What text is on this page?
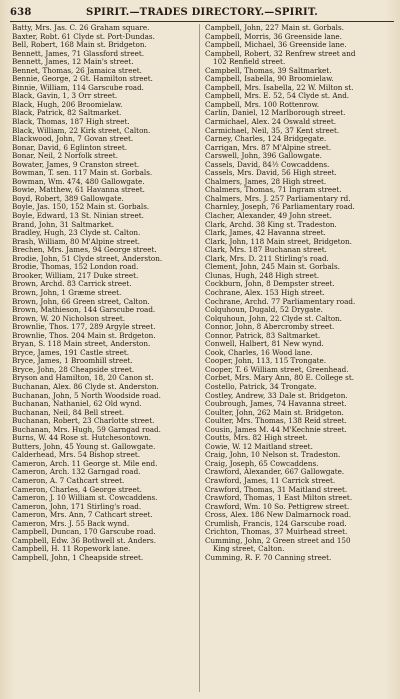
638	SPIRIT.—TRADES DIRECTORY.—SPIRIT.
Batty, Mrs. Jas. C. 26 Graham square.
Baxter, Robt. 61 Clyde st. Port-Dundas.
Bell, Robert, 168 Main st. Bridgeton.
Bennett, James, 71 Glassford street.
Bennett, James, 12 Main's street.
Bennet, Thomas, 26 Jamaica street.
Bennie, George, 2 Gt. Hamilton street.
Binnie, William, 114 Garscube road.
Black, Gavin, 1, 3 Orr street.
Black, Hugh, 206 Broomielaw.
Black, Patrick, 82 Saltmarket.
Black, Thomas, 187 High street.
Black, William, 22 Kirk street, Calton.
Blackwood, John, 7 Govan street.
Bonar, David, 6 Eglinton street.
Bonar, Neil, 2 Norfolk street.
Bowater, James, 9 Cranston street.
Bowman, T. sen. 117 Main st. Gorbals.
Bowman, Wm. 474, 480 Gallowgate.
Bowie, Matthew, 61 Havanna street.
Boyd, Robert, 389 Gallowgate.
Boyle, Jas. 150, 152 Main st. Gorbals.
Boyle, Edward, 13 St. Ninian street.
Brand, John, 31 Saltmarket.
Bradley, Hugh, 23 Clyde st. Calton.
Brash, William, 80 M'Alpine street.
Brechen, Mrs. James, 94 George street.
Brodie, John, 51 Clyde street, Anderston.
Brodie, Thomas, 152 London road.
Brooker, William, 217 Duke street.
Brown, Archd. 83 Carrick street.
Brown, John, 1 Græme street.
Brown, John, 66 Green street, Calton.
Brown, Mathieson, 144 Garscube road.
Brown, W. 20 Nicholson street.
Brownlie, Thos. 177, 289 Argyle street.
Brownlie, Thos. 204 Main st. Brdgeton.
Bryan, S. 118 Main street, Anderston.
Bryce, James, 191 Castle street.
Bryce, James, 1 Broomhill street.
Bryce, John, 28 Cheapside street.
Bryson and Hamilton, 18, 20 Canon st.
Buchanan, Alex. 86 Clyde st. Anderston.
Buchanan, John, 5 North Woodside road.
Buchanan, Nathaniel, 62 Old wynd.
Buchanan, Neil, 84 Bell street.
Buchanan, Robert, 23 Charlotte street.
Buchanan, Mrs. Hugh, 59 Garngad road.
Burns, W. 44 Rose st. Hutchesontown.
Butters, John, 45 Young st. Gallowgate.
Calderhead, Mrs. 54 Bishop street.
Cameron, Arch. 11 George st. Mile end.
Cameron, Arch. 132 Garngad road.
Cameron, A. 7 Cathcart street.
Cameron, Charles, 4 George street.
Cameron, J. 10 William st. Cowcaddens.
Cameron, John, 171 Stirling's road.
Cameron, Mrs. Ann, 7 Cathcart street.
Cameron, Mrs. J. 55 Back wynd.
Campbell, Duncan, 170 Garscube road.
Campbell, Edw. 36 Bothwell st. Anders.
Campbell, H. 11 Ropework lane.
Campbell, John, 1 Cheapside street.
Campbell, John, 227 Main st. Gorbals.
Campbell, Morris, 36 Greenside lane.
Campbell, Michael, 36 Greenside lane.
Campbell, Robert, 32 Renfrew street and
102 Renfield street.
Campbell, Thomas, 39 Saltmarket.
Campbell, Isabella, 90 Broomielaw.
Campbell, Mrs. Isabella, 22 W. Milton st.
Campbell, Mrs. E. 52, 54 Clyde st. And.
Campbell, Mrs. 100 Rottenrow.
Carlin, Daniel, 12 Marlborough street.
Carmichael, Alex. 24 Oswald street.
Carmichael, Neil, 35, 37 Kent street.
Carney, Charles, 124 Bridgegate.
Carrigan, Mrs. 87 M'Alpine street.
Carswell, John, 396 Gallowgate.
Cassels, David, 84½ Cowcaddens.
Cassels, Mrs. David, 56 High street.
Chalmers, James, 28 High street.
Chalmers, Thomas, 71 Ingram street.
Chalmers, Mrs. J. 257 Parliamentary rd.
Charnley, Joseph, 76 Parliamentary road.
Clacher, Alexander, 49 John street.
Clark, Archd. 38 King st. Tradeston.
Clark, James, 42 Havanna street.
Clark, John, 118 Main street, Bridgeton.
Clark, Mrs. 187 Buchanan street.
Clark, Mrs. D. 211 Stirling's road.
Clement, John, 245 Main st. Gorbals.
Clunas, Hugh, 248 High street.
Cockburn, John, 8 Dempster street.
Cochrane, Alex. 153 High street.
Cochrane, Archd. 77 Parliamentary road.
Colquhoun, Dugald, 52 Drygate.
Colquhoun, John, 22 Clyde st. Calton.
Connor, John, 8 Abercromby street.
Connor, Patrick, 83 Saltmarket.
Conwell, Halbert, 81 New wynd.
Cook, Charles, 16 Wood lane.
Cooper, John, 113, 115 Trongate.
Cooper, T. 6 William street, Greenhead.
Corbet, Mrs. Mary Ann, 80 E. College st.
Costello, Patrick, 34 Trongate.
Costley, Andrew, 33 Dale st. Bridgeton.
Coubrough, James, 74 Havanna street.
Coulter, John, 262 Main st. Bridgeton.
Coulter, Mrs. Thomas, 138 Reid street.
Cousin, James M. 44 M'Kechnie street.
Coutts, Mrs. 82 High street.
Cowie, W. 12 Maitland street.
Craig, John, 10 Nelson st. Tradeston.
Craig, Joseph, 65 Cowcaddens.
Crawford, Alexander, 667 Gallowgate.
Crawford, James, 11 Carrick street.
Crawford, Thomas, 31 Maitland street.
Crawford, Thomas, 1 East Milton street.
Crawford, Wm. 10 So. Pettigrew street.
Cross, Alex. 186 New Dalmarnock road.
Crumlish, Francis, 124 Garscube road.
Crichton, Thomas, 37 Muirhead street.
Cumming, John, 2 Green street and 150
King street, Calton.
Cumming, R. F. 70 Canning street.
